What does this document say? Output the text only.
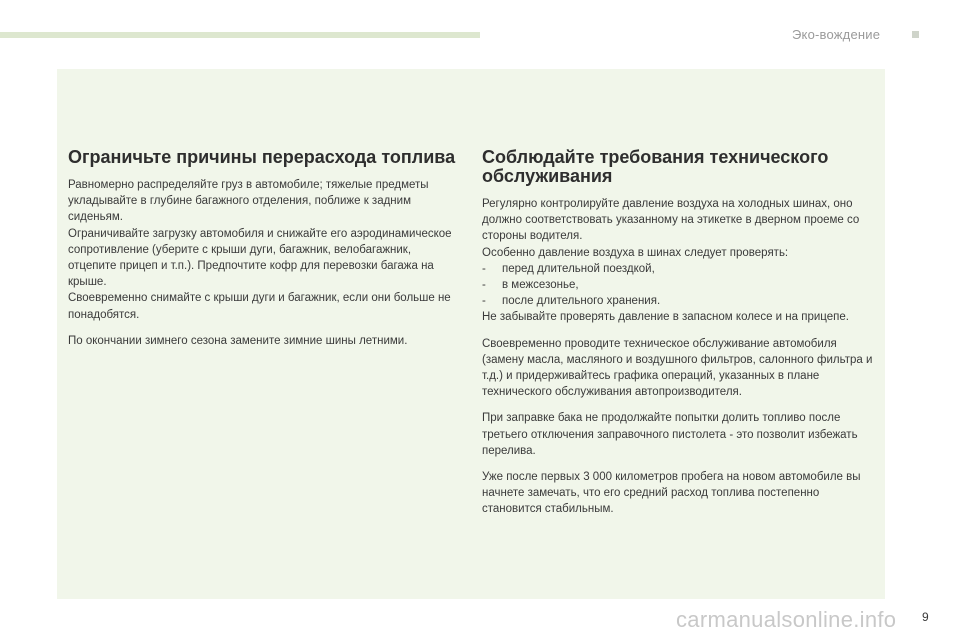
Эко-вождение
Ограничьте причины перерасхода топлива

Равномерно распределяйте груз в автомобиле; тяжелые предметы укладывайте в глубине багажного отделения, поближе к задним сиденьям.
Ограничивайте загрузку автомобиля и снижайте его аэродинамическое сопротивление (уберите с крыши дуги, багажник, велобагажник, отцепите прицеп и т.п.). Предпочтите кофр для перевозки багажа на крыше.
Своевременно снимайте с крыши дуги и багажник, если они больше не понадобятся.

По окончании зимнего сезона замените зимние шины летними.

Соблюдайте требования технического обслуживания

Регулярно контролируйте давление воздуха на холодных шинах, оно должно соответствовать указанному на этикетке в дверном проеме со стороны водителя.
Особенно давление воздуха в шинах следует проверять:

-	перед длительной поездкой,
-	в межсезонье,
-	после длительного хранения.

Не забывайте проверять давление в запасном колесе и на прицепе.

Своевременно проводите техническое обслуживание автомобиля (замену масла, масляного и воздушного фильтров, салонного фильтра и т.д.) и придерживайтесь графика операций, указанных в плане технического обслуживания автопроизводителя.

При заправке бака не продолжайте попытки долить топливо после третьего отключения заправочного пистолета - это позволит избежать перелива.

Уже после первых 3 000 километров пробега на новом автомобиле вы начнете замечать, что его средний расход топлива постепенно становится стабильным.

carmanualsonline.info 9
